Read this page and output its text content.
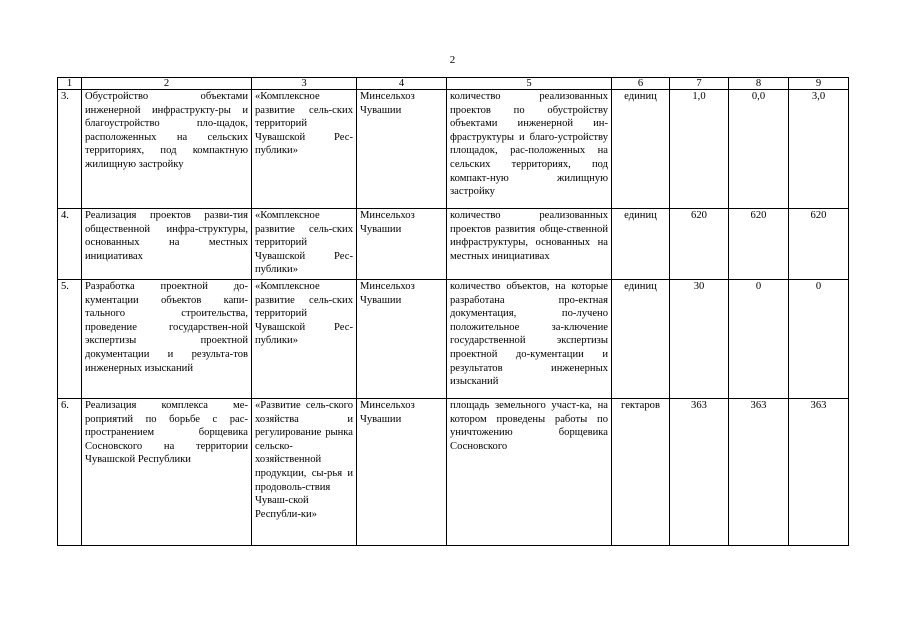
2
1	2	3	4	5	6	7	8	9
3.	Обустройство объектами инженерной инфраструкту-ры и благоустройство пло-щадок, расположенных на сельских территориях, под компактную жилищную застройку	«Комплексное развитие сель-ских территорий Чувашской Рес-публики»	Минсельхоз Чувашии	количество реализованных проектов по обустройству объектами инженерной ин-фраструктуры и благо-устройству площадок, рас-положенных на сельских территориях, под компакт-ную жилищную застройку	единиц	1,0	0,0	3,0
4.	Реализация проектов разви-тия общественной инфра-структуры, основанных на местных инициативах	«Комплексное развитие сель-ских территорий Чувашской Рес-публики»	Минсельхоз Чувашии	количество реализованных проектов развития обще-ственной инфраструктуры, основанных на местных инициативах	единиц	620	620	620
5.	Разработка проектной до-кументации объектов капи-тального строительства, проведение государствен-ной экспертизы проектной документации и результа-тов инженерных изысканий	«Комплексное развитие сель-ских территорий Чувашской Рес-публики»	Минсельхоз Чувашии	количество объектов, на которые разработана про-ектная документация, по-лучено положительное за-ключение государственной экспертизы проектной до-кументации и результатов инженерных изысканий	единиц	30	0	0
6.	Реализация комплекса ме-роприятий по борьбе с рас-пространением борщевика Сосновского на территории Чувашской Республики	«Развитие сель-ского хозяйства и регулирование рынка сельско-хозяйственной продукции, сы-рья и продоволь-ствия Чуваш-ской Республи-ки»	Минсельхоз Чувашии	площадь земельного участ-ка, на котором проведены работы по уничтожению борщевика Сосновского	гектаров	363	363	363
